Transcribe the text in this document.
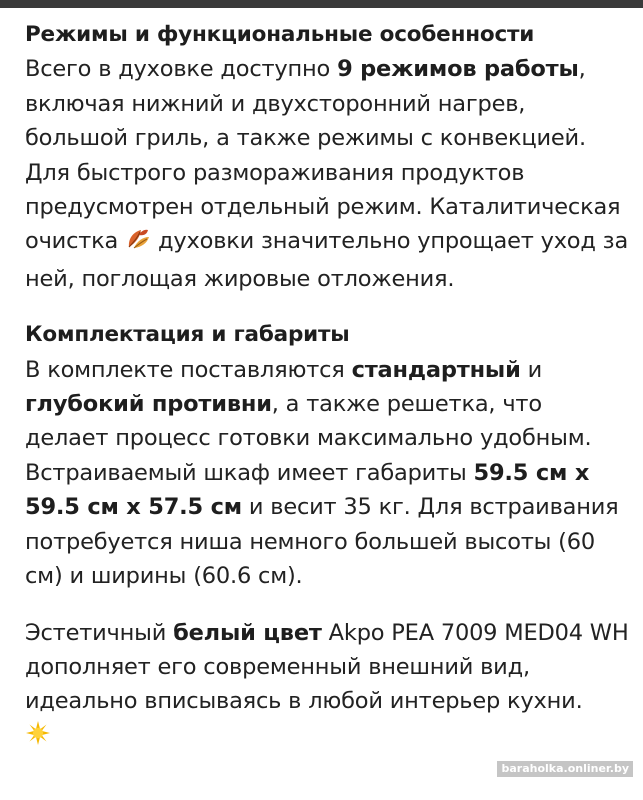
Режимы и функциональные особенности

Всего в духовке доступно 9 режимов работы, включая нижний и двухсторонний нагрев, большой гриль, а также режимы с конвекцией. Для быстрого размораживания продуктов предусмотрен отдельный режим. Каталитическая очистка  духовки значительно упрощает уход за ней, поглощая жировые отложения.

Комплектация и габариты

В комплекте поставляются стандартный и глубокий противни, а также решетка, что делает процесс готовки максимально удобным. Встраиваемый шкаф имеет габариты 59.5 см x 59.5 см x 57.5 см и весит 35 кг. Для встраивания потребуется ниша немного большей высоты (60 см) и ширины (60.6 см).

Эстетичный белый цвет Akpo PEA 7009 MED04 WH дополняет его современный внешний вид, идеально вписываясь в любой интерьер кухни.

baraholka.onliner.by
